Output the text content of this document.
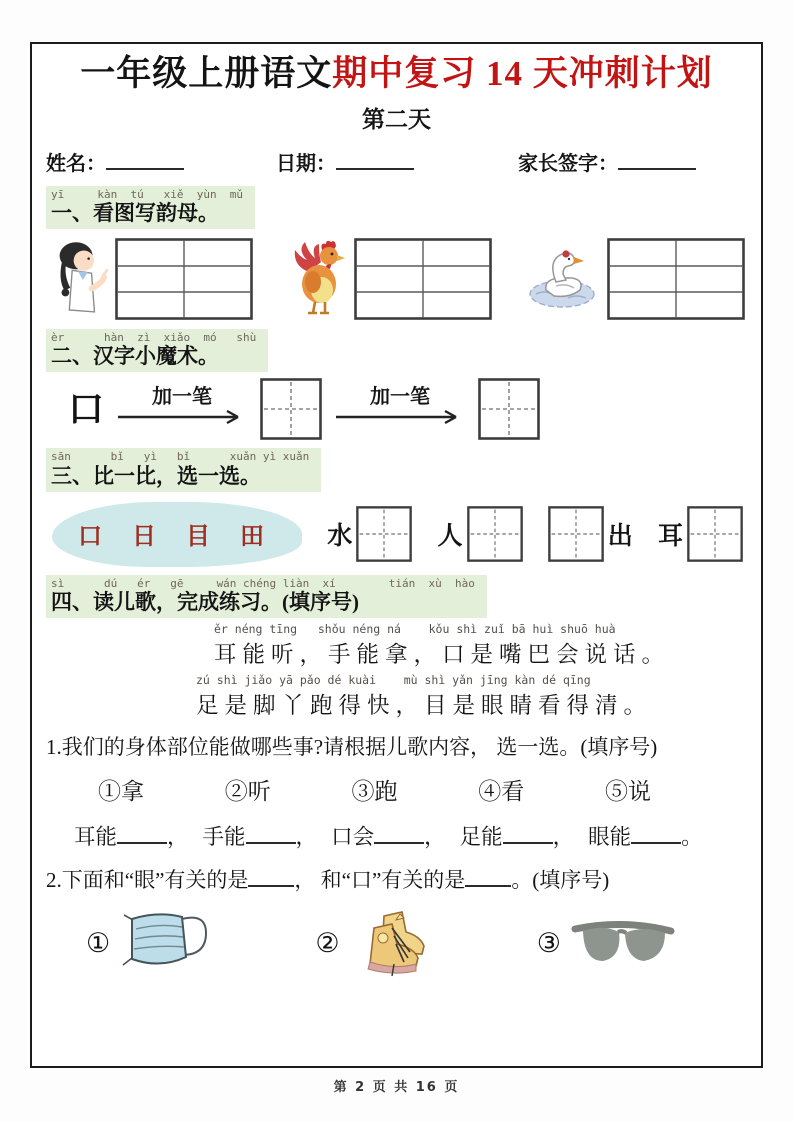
一年级上册语文期中复习 14 天冲刺计划
第二天
姓名：	日期：	家长签字：
yī     kàn  tú   xiě  yùn  mǔ
一、看图写韵母。
èr      hàn  zì  xiǎo  mó   shù
二、汉字小魔术。
口 加一笔	加一笔
sān      bǐ   yì   bǐ      xuǎn yì xuǎn
三、比一比，选一选。
口 日 目 田	水	人	出 耳
sì      dú   ér   gē     wán chéng liàn  xí        tián  xù  hào
四、读儿歌，完成练习。(填序号)
ěr néng tīng   shǒu néng ná    kǒu shì zuǐ bā huì shuō huà
耳能听，手能拿，口是嘴巴会说话。
zú shì jiǎo yā pǎo dé kuài    mù shì yǎn jīng kàn dé qīng
足是脚丫跑得快，目是眼睛看得清。
1.我们的身体部位能做哪些事?请根据儿歌内容， 选一选。(填序号)
①拿	②听	③跑	④看	⑤说
耳能 ， 手能 ， 口会 ， 足能 ， 眼能 。
2.下面和“眼”有关的是 ， 和“口”有关的是 。(填序号)
①	②	③
第 2 页 共 16 页
